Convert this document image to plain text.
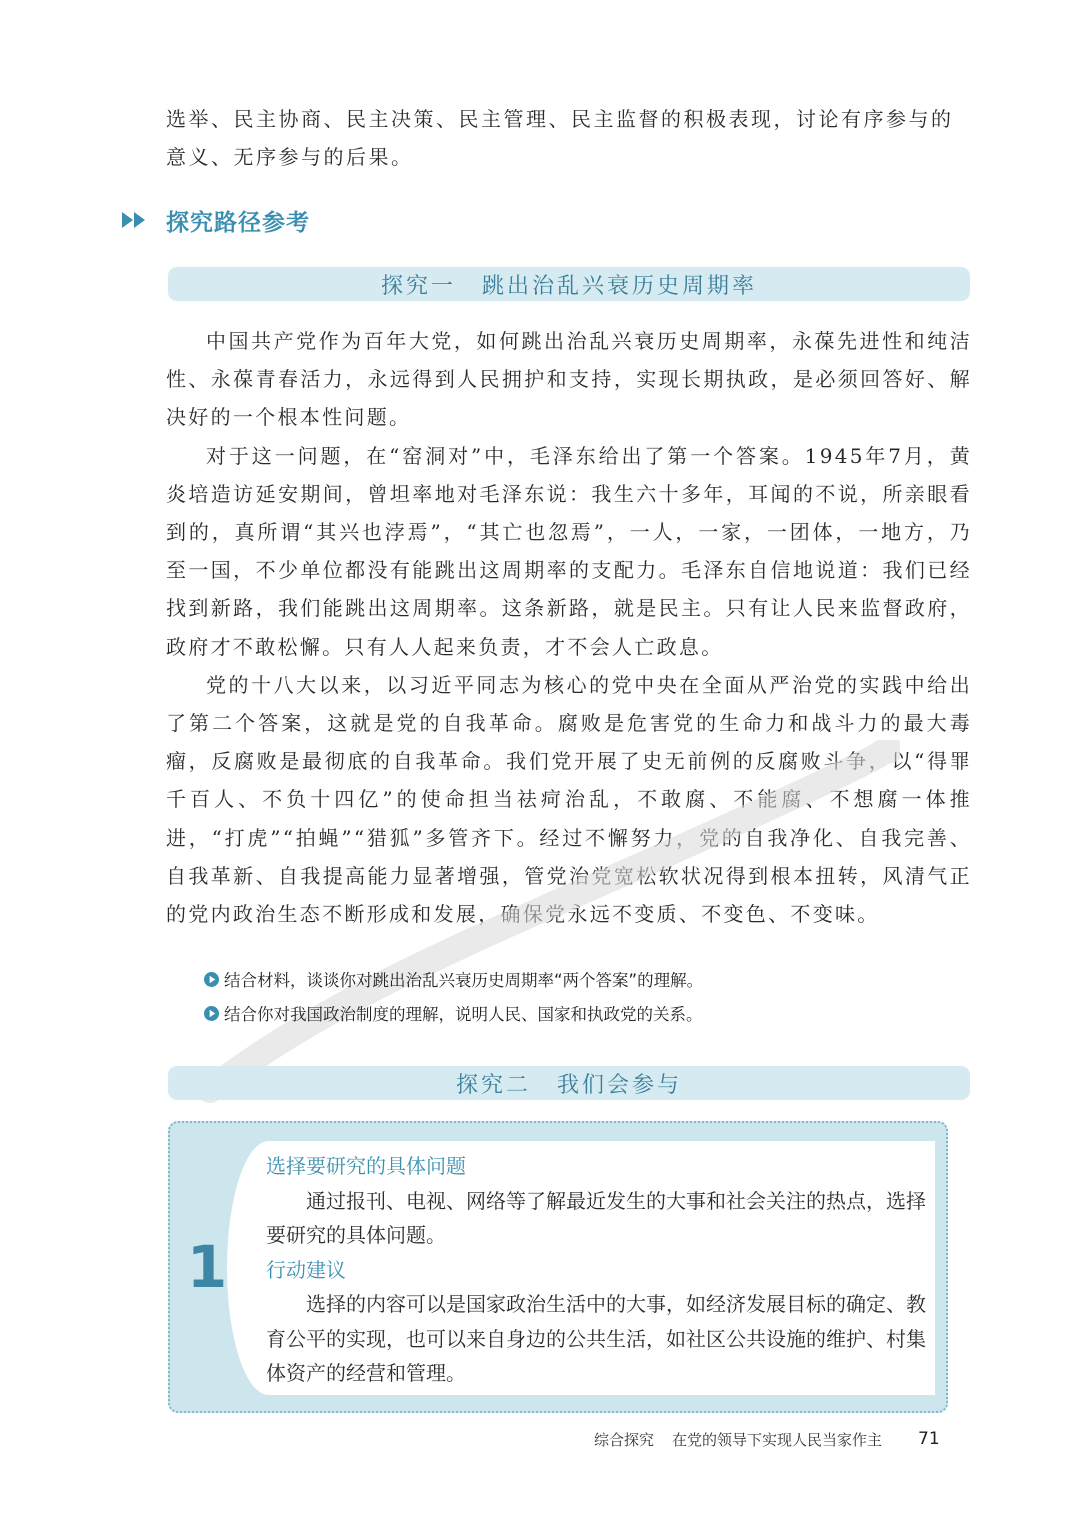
选举、民主协商、民主决策、民主管理、民主监督的积极表现，讨论有序参与的意义、无序参与的后果。

探究路径参考
探究一 跳出治乱兴衰历史周期率

中国共产党作为百年大党，如何跳出治乱兴衰历史周期率，永葆先进性和纯洁性、永葆青春活力，永远得到人民拥护和支持，实现长期执政，是必须回答好、解决好的一个根本性问题。

对于这一问题，在“窑洞对”中，毛泽东给出了第一个答案。1945年7月，黄炎培造访延安期间，曾坦率地对毛泽东说：我生六十多年，耳闻的不说，所亲眼看到的，真所谓“其兴也浡焉”，“其亡也忽焉”，一人，一家，一团体，一地方，乃至一国，不少单位都没有能跳出这周期率的支配力。毛泽东自信地说道：我们已经找到新路，我们能跳出这周期率。这条新路，就是民主。只有让人民来监督政府，政府才不敢松懈。只有人人起来负责，才不会人亡政息。

党的十八大以来，以习近平同志为核心的党中央在全面从严治党的实践中给出了第二个答案，这就是党的自我革命。腐败是危害党的生命力和战斗力的最大毒瘤，反腐败是最彻底的自我革命。我们党开展了史无前例的反腐败斗争，以“得罪千百人、不负十四亿”的使命担当祛疴治乱，不敢腐、不能腐、不想腐一体推进，“打虎”“拍蝇”“猎狐”多管齐下。经过不懈努力，党的自我净化、自我完善、自我革新、自我提高能力显著增强，管党治党宽松软状况得到根本扭转，风清气正的党内政治生态不断形成和发展，确保党永远不变质、不变色、不变味。

结合材料，谈谈你对跳出治乱兴衰历史周期率“两个答案”的理解。
结合你对我国政治制度的理解，说明人民、国家和执政党的关系。
探究二 我们会参与
1
选择要研究的具体问题
通过报刊、电视、网络等了解最近发生的大事和社会关注的热点，选择要研究的具体问题。
行动建议
选择的内容可以是国家政治生活中的大事，如经济发展目标的确定、教育公平的实现，也可以来自身边的公共生活，如社区公共设施的维护、村集体资产的经营和管理。
综合探究 在党的领导下实现人民当家作主 71
